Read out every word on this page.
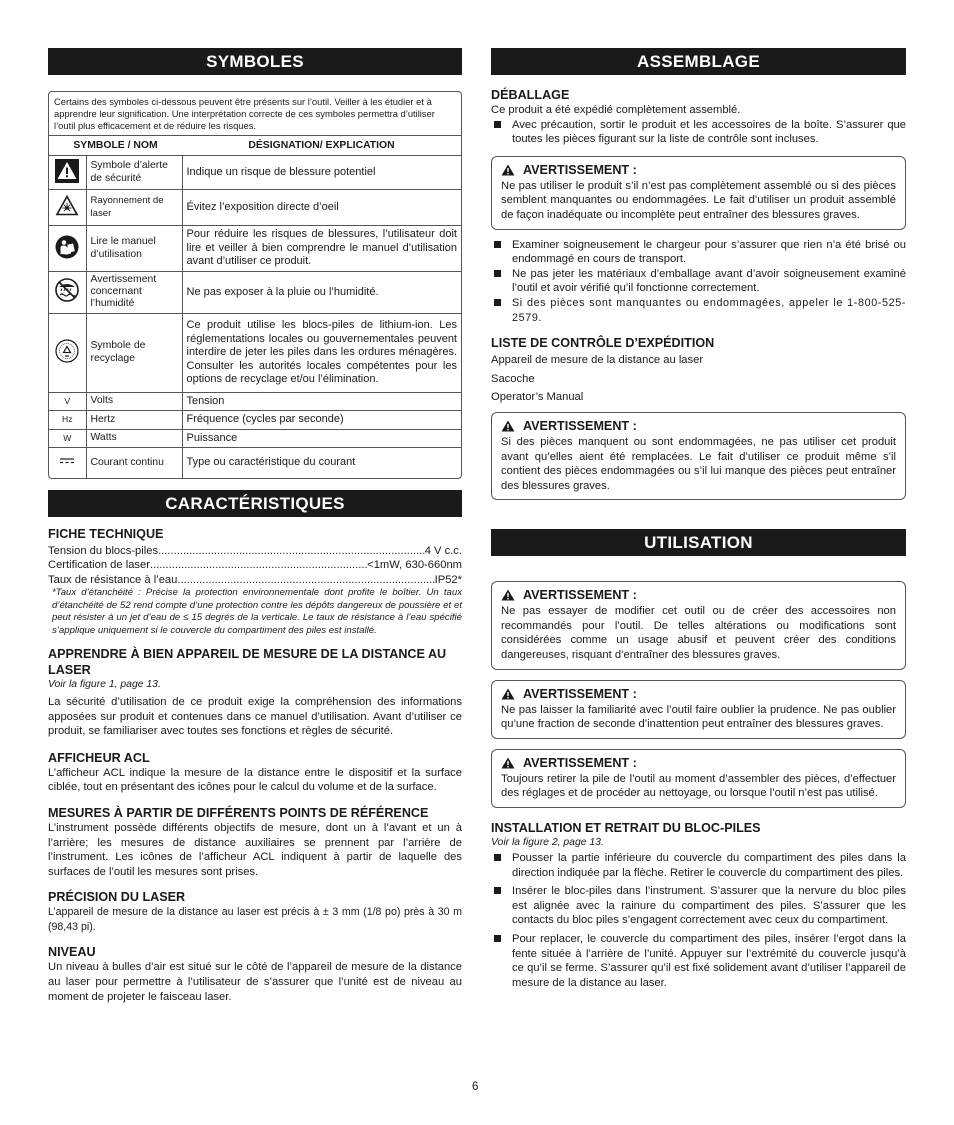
SYMBOLES
Certains des symboles ci-dessous peuvent être présents sur l’outil. Veiller à les étudier et à apprendre leur signification. Une interprétation correcte de ces symboles permettra d’utiliser l’outil plus efficacement et de réduire les risques.
SYMBOLE / NOM		DÉSIGNATION/ EXPLICATION
	Symbole d’alerte de sécurité	Indique un risque de blessure potentiel
	Rayonnement de laser	Évitez l’exposition directe d’oeil
	Lire le manuel d’utilisation	Pour réduire les risques de blessures, l’utilisateur doit lire et veiller à bien comprendre le manuel d’utilisation avant d’utiliser ce produit.
	Avertissement concernant l’humidité	Ne pas exposer à la pluie ou l’humidité.
	Symbole de recyclage	Ce produit utilise les blocs-piles de lithium-ion. Les réglementations locales ou gouvernementales peuvent interdire de jeter les piles dans les ordures ménagères. Consulter les autorités locales compétentes pour les options de recyclage et/ou l’élimination.
V	Volts	Tension
Hz	Hertz	Fréquence (cycles par seconde)
W	Watts	Puissance
	Courant continu	Type ou caractéristique du courant
CARACTÉRISTIQUES
FICHE TECHNIQUE
Tension du blocs-piles .....	4 V c.c.
Certification de laser .....	<1mW, 630-660nm
Taux de résistance à l’eau .....	IP52*
*Taux d’étanchéité : Précise la protection environnementale dont profite le boîtier. Un taux d’étanchéité de 52 rend compte d’une protection contre les dépôts dangereux de poussière et et peut résister à un jet d’eau de ≤ 15 degrés de la verticale. Le taux de résistance à l’eau spécifié s’applique uniquement si le couvercle du compartiment des piles est installé.
APPRENDRE À BIEN APPAREIL DE MESURE DE LA DISTANCE AU LASER
Voir la figure 1, page 13.
La sécurité d’utilisation de ce produit exige la compréhension des informations apposées sur produit et contenues dans ce manuel d’utilisation. Avant d’utiliser ce produit, se familiariser avec toutes ses fonctions et règles de sécurité.
AFFICHEUR ACL
L’afficheur ACL indique la mesure de la distance entre le dispositif et la surface ciblée, tout en présentant des icônes pour le calcul du volume et de la surface.
MESURES À PARTIR DE DIFFÉRENTS POINTS DE RÉFÉRENCE
L’instrument possède différents objectifs de mesure, dont un à l’avant et un à l’arrière; les mesures de distance auxiliaires se prennent par l’arrière de l’instrument. Les icônes de l’afficheur ACL indiquent à partir de laquelle des surfaces de l’outil les mesures sont prises.
PRÉCISION DU LASER
L’appareil de mesure de la distance au laser est précis à ± 3 mm (1/8 po) près à 30 m (98,43 pi).
NIVEAU
Un niveau à bulles d’air est situé sur le côté de l’appareil de mesure de la distance au laser pour permettre à l’utilisateur de s’assurer que l’unité est de niveau au moment de projeter le faisceau laser.
ASSEMBLAGE
DÉBALLAGE
Ce produit a été expédié complètement assemblé.
Avec précaution, sortir le produit et les accessoires de la boîte. S’assurer que toutes les pièces figurant sur la liste de contrôle sont incluses.
AVERTISSEMENT :
Ne pas utiliser le produit s’il n’est pas complètement assemblé ou si des pièces semblent manquantes ou endommagées. Le fait d’utiliser un produit assemblé de façon inadéquate ou incomplète peut entraîner des blessures graves.
Examiner soigneusement le chargeur pour s’assurer que rien n’a été brisé ou endommagé en cours de transport.
Ne pas jeter les matériaux d’emballage avant d’avoir soigneusement examiné l’outil et avoir vérifié qu’il fonctionne correctement.
Si des pièces sont manquantes ou endommagées, appeler le 1-800-525-2579.
LISTE DE CONTRÔLE D’EXPÉDITION
Appareil de mesure de la distance au laser
Sacoche
Operator’s Manual
AVERTISSEMENT :
Si des pièces manquent ou sont endommagées, ne pas utiliser cet produit avant qu’elles aient été remplacées. Le fait d’utiliser ce produit même s’il contient des pièces endommagées ou s’il lui manque des pièces peut entraîner des blessures graves.
UTILISATION
AVERTISSEMENT :
Ne pas essayer de modifier cet outil ou de créer des accessoires non recommandés pour l’outil. De telles altérations ou modifications sont considérées comme un usage abusif et peuvent créer des conditions dangereuses, risquant d’entraîner des blessures graves.
AVERTISSEMENT :
Ne pas laisser la familiarité avec l’outil faire oublier la prudence. Ne pas oublier qu’une fraction de seconde d’inattention peut entraîner des blessures graves.
AVERTISSEMENT :
Toujours retirer la pile de l’outil au moment d’assembler des pièces, d’effectuer des réglages et de procéder au nettoyage, ou lorsque l’outil n’est pas utilisé.
INSTALLATION ET RETRAIT DU BLOC-PILES
Voir la figure 2, page 13.
Pousser la partie inférieure du couvercle du compartiment des piles dans la direction indiquée par la flèche. Retirer le couvercle du compartiment des piles.
Insérer le bloc-piles dans l’instrument. S’assurer que la nervure du bloc piles est alignée avec la rainure du compartiment des piles. S’assurer que les contacts du bloc piles s’engagent correctement avec ceux du compartiment.
Pour replacer, le couvercle du compartiment des piles, insérer l’ergot dans la fente située à l’arrière de l’unité. Appuyer sur l’extrémité du couvercle jusqu’à ce qu’il se ferme. S’assurer qu’il est fixé solidement avant d’utiliser l’appareil de mesure de la distance au laser.
6
